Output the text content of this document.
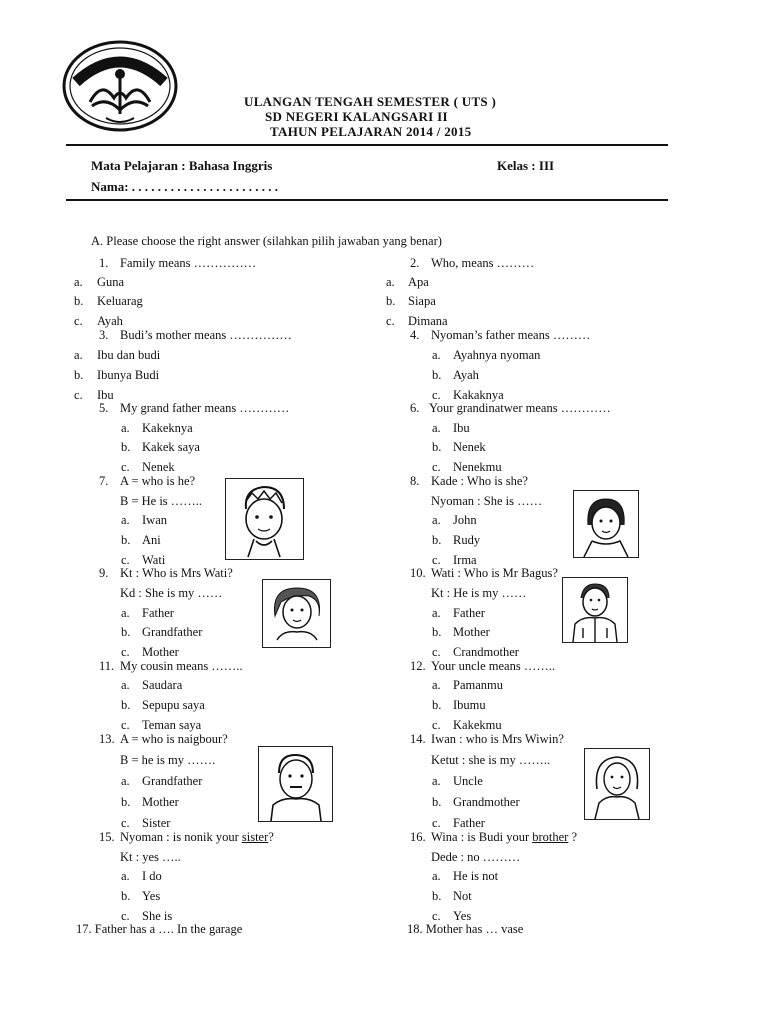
ULANGAN TENGAH SEMESTER ( UTS )
SD NEGERI KALANGSARI II
TAHUN PELAJARAN 2014 / 2015
Mata Pelajaran : Bahasa Inggris	Kelas : III
Nama: . . . . . . . . . . . . . . . . . . . . . . .
A. Please choose the right answer (silahkan pilih jawaban yang benar)
1. Family means ……………
a. Guna
b. Keluarag
c. Ayah
2. Who, means ………
a. Apa
b. Siapa
c. Dimana
3. Budi’s mother means ……………
a. Ibu dan budi
b. Ibunya Budi
c. Ibu
4. Nyoman’s father means ………
a. Ayahnya nyoman
b. Ayah
c. Kakaknya
5. My grand father means …………
a. Kakeknya
b. Kakek saya
c. Nenek
6. Your grandinatwer means …………
a. Ibu
b. Nenek
c. Nenekmu
7. A = who is he?
B = He is ……..
a. Iwan
b. Ani
c. Wati
8. Kade : Who is she?
Nyoman : She is ……
a. John
b. Rudy
c. Irma
9. Kt : Who is Mrs Wati?
Kd : She is my ……
a. Father
b. Grandfather
c. Mother
10. Wati : Who is Mr Bagus?
Kt : He is my ……
a. Father
b. Mother
c. Crandmother
11. My cousin means ……..
a. Saudara
b. Sepupu saya
c. Teman saya
12. Your uncle means ……..
a. Pamanmu
b. Ibumu
c. Kakekmu
13. A = who is naigbour?
B = he is my …….
a. Grandfather
b. Mother
c. Sister
14. Iwan : who is Mrs Wiwin?
Ketut : she is my ……..
a. Uncle
b. Grandmother
c. Father
15. Nyoman : is nonik your sister?
Kt : yes …..
a. I do
b. Yes
c. She is
16. Wina : is Budi your brother ?
Dede : no ………
a. He is not
b. Not
c. Yes
17. Father has a …. In the garage	18. Mother has … vase
